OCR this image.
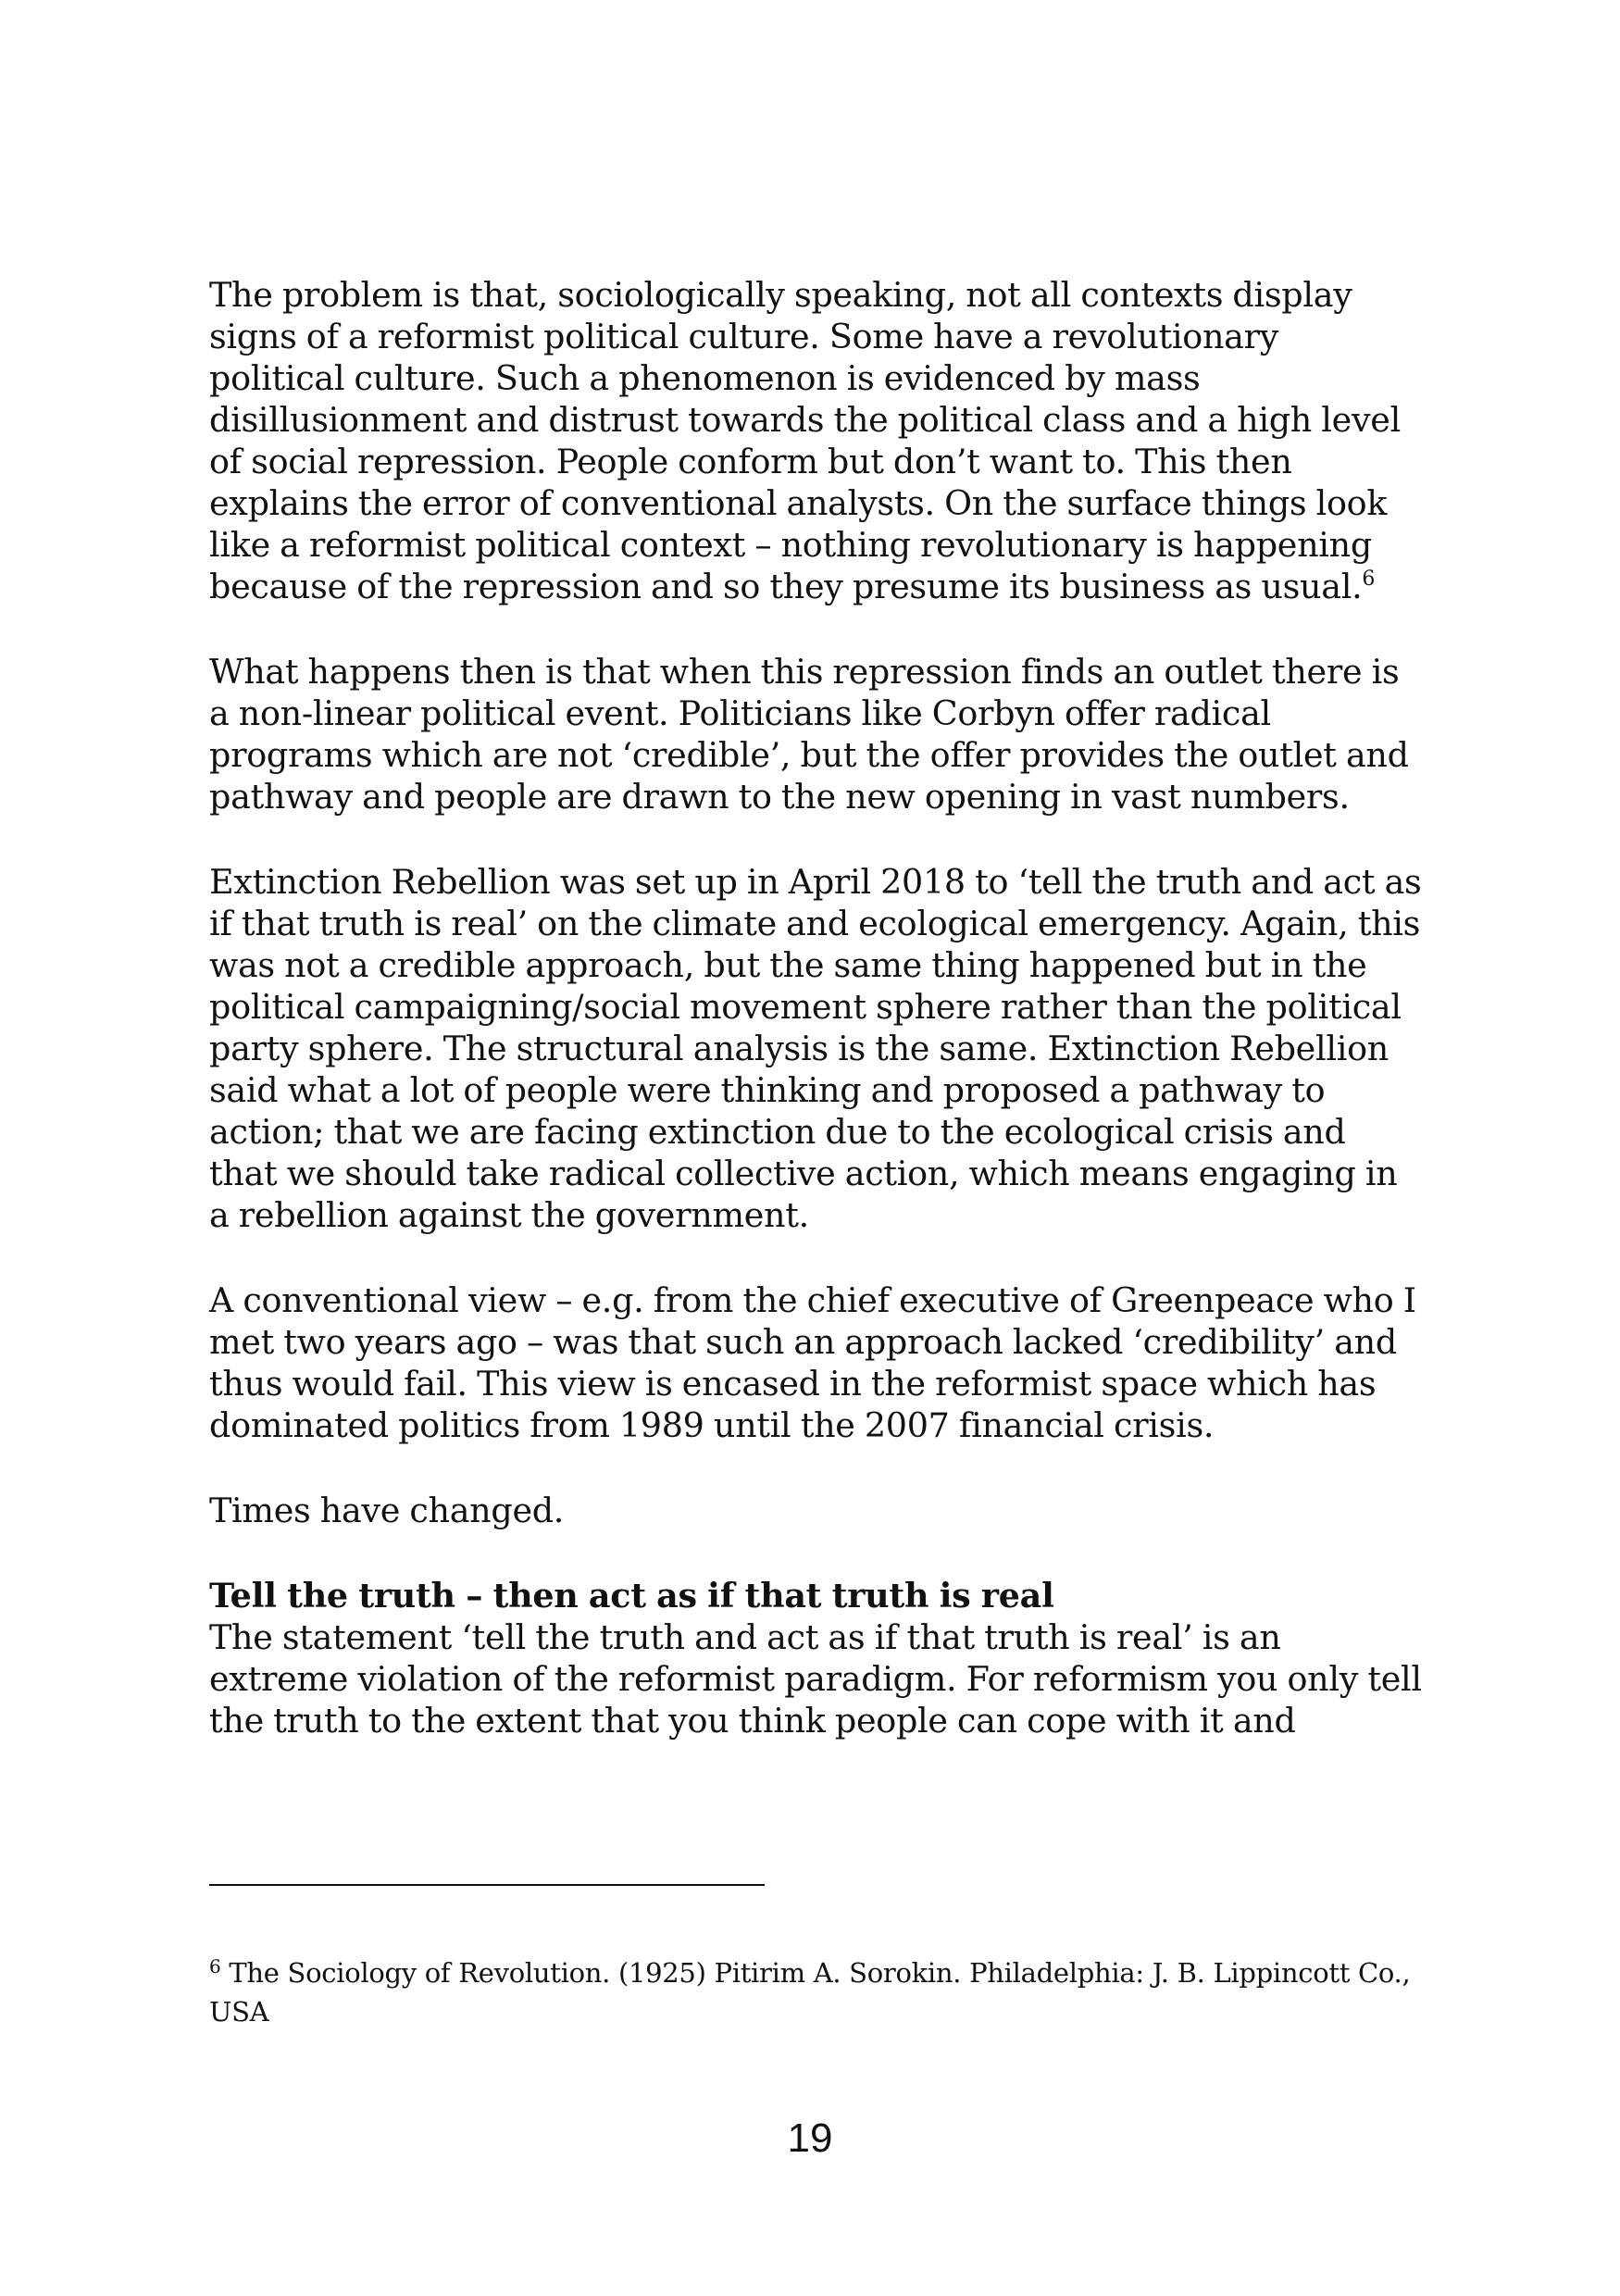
The problem is that, sociologically speaking, not all contexts display signs of a reformist political culture. Some have a revolutionary political culture. Such a phenomenon is evidenced by mass disillusionment and distrust towards the political class and a high level of social repression. People conform but don’t want to. This then explains the error of conventional analysts. On the surface things look like a reformist political context – nothing revolutionary is happening because of the repression and so they presume its business as usual.$^6$

What happens then is that when this repression finds an outlet there is a non-linear political event. Politicians like Corbyn offer radical programs which are not ‘credible’, but the offer provides the outlet and pathway and people are drawn to the new opening in vast numbers.

Extinction Rebellion was set up in April 2018 to ‘tell the truth and act as if that truth is real’ on the climate and ecological emergency. Again, this was not a credible approach, but the same thing happened but in the political campaigning/social movement sphere rather than the political party sphere. The structural analysis is the same. Extinction Rebellion said what a lot of people were thinking and proposed a pathway to action; that we are facing extinction due to the ecological crisis and that we should take radical collective action, which means engaging in a rebellion against the government.

A conventional view – e.g. from the chief executive of Greenpeace who I met two years ago – was that such an approach lacked ‘credibility’ and thus would fail. This view is encased in the reformist space which has dominated politics from 1989 until the 2007 financial crisis.

Times have changed.

Tell the truth – then act as if that truth is real

The statement ‘tell the truth and act as if that truth is real’ is an extreme violation of the reformist paradigm. For reformism you only tell the truth to the extent that you think people can cope with it and

$^6$ The Sociology of Revolution. (1925) Pitirim A. Sorokin. Philadelphia: J. B. Lippincott Co., USA
19
